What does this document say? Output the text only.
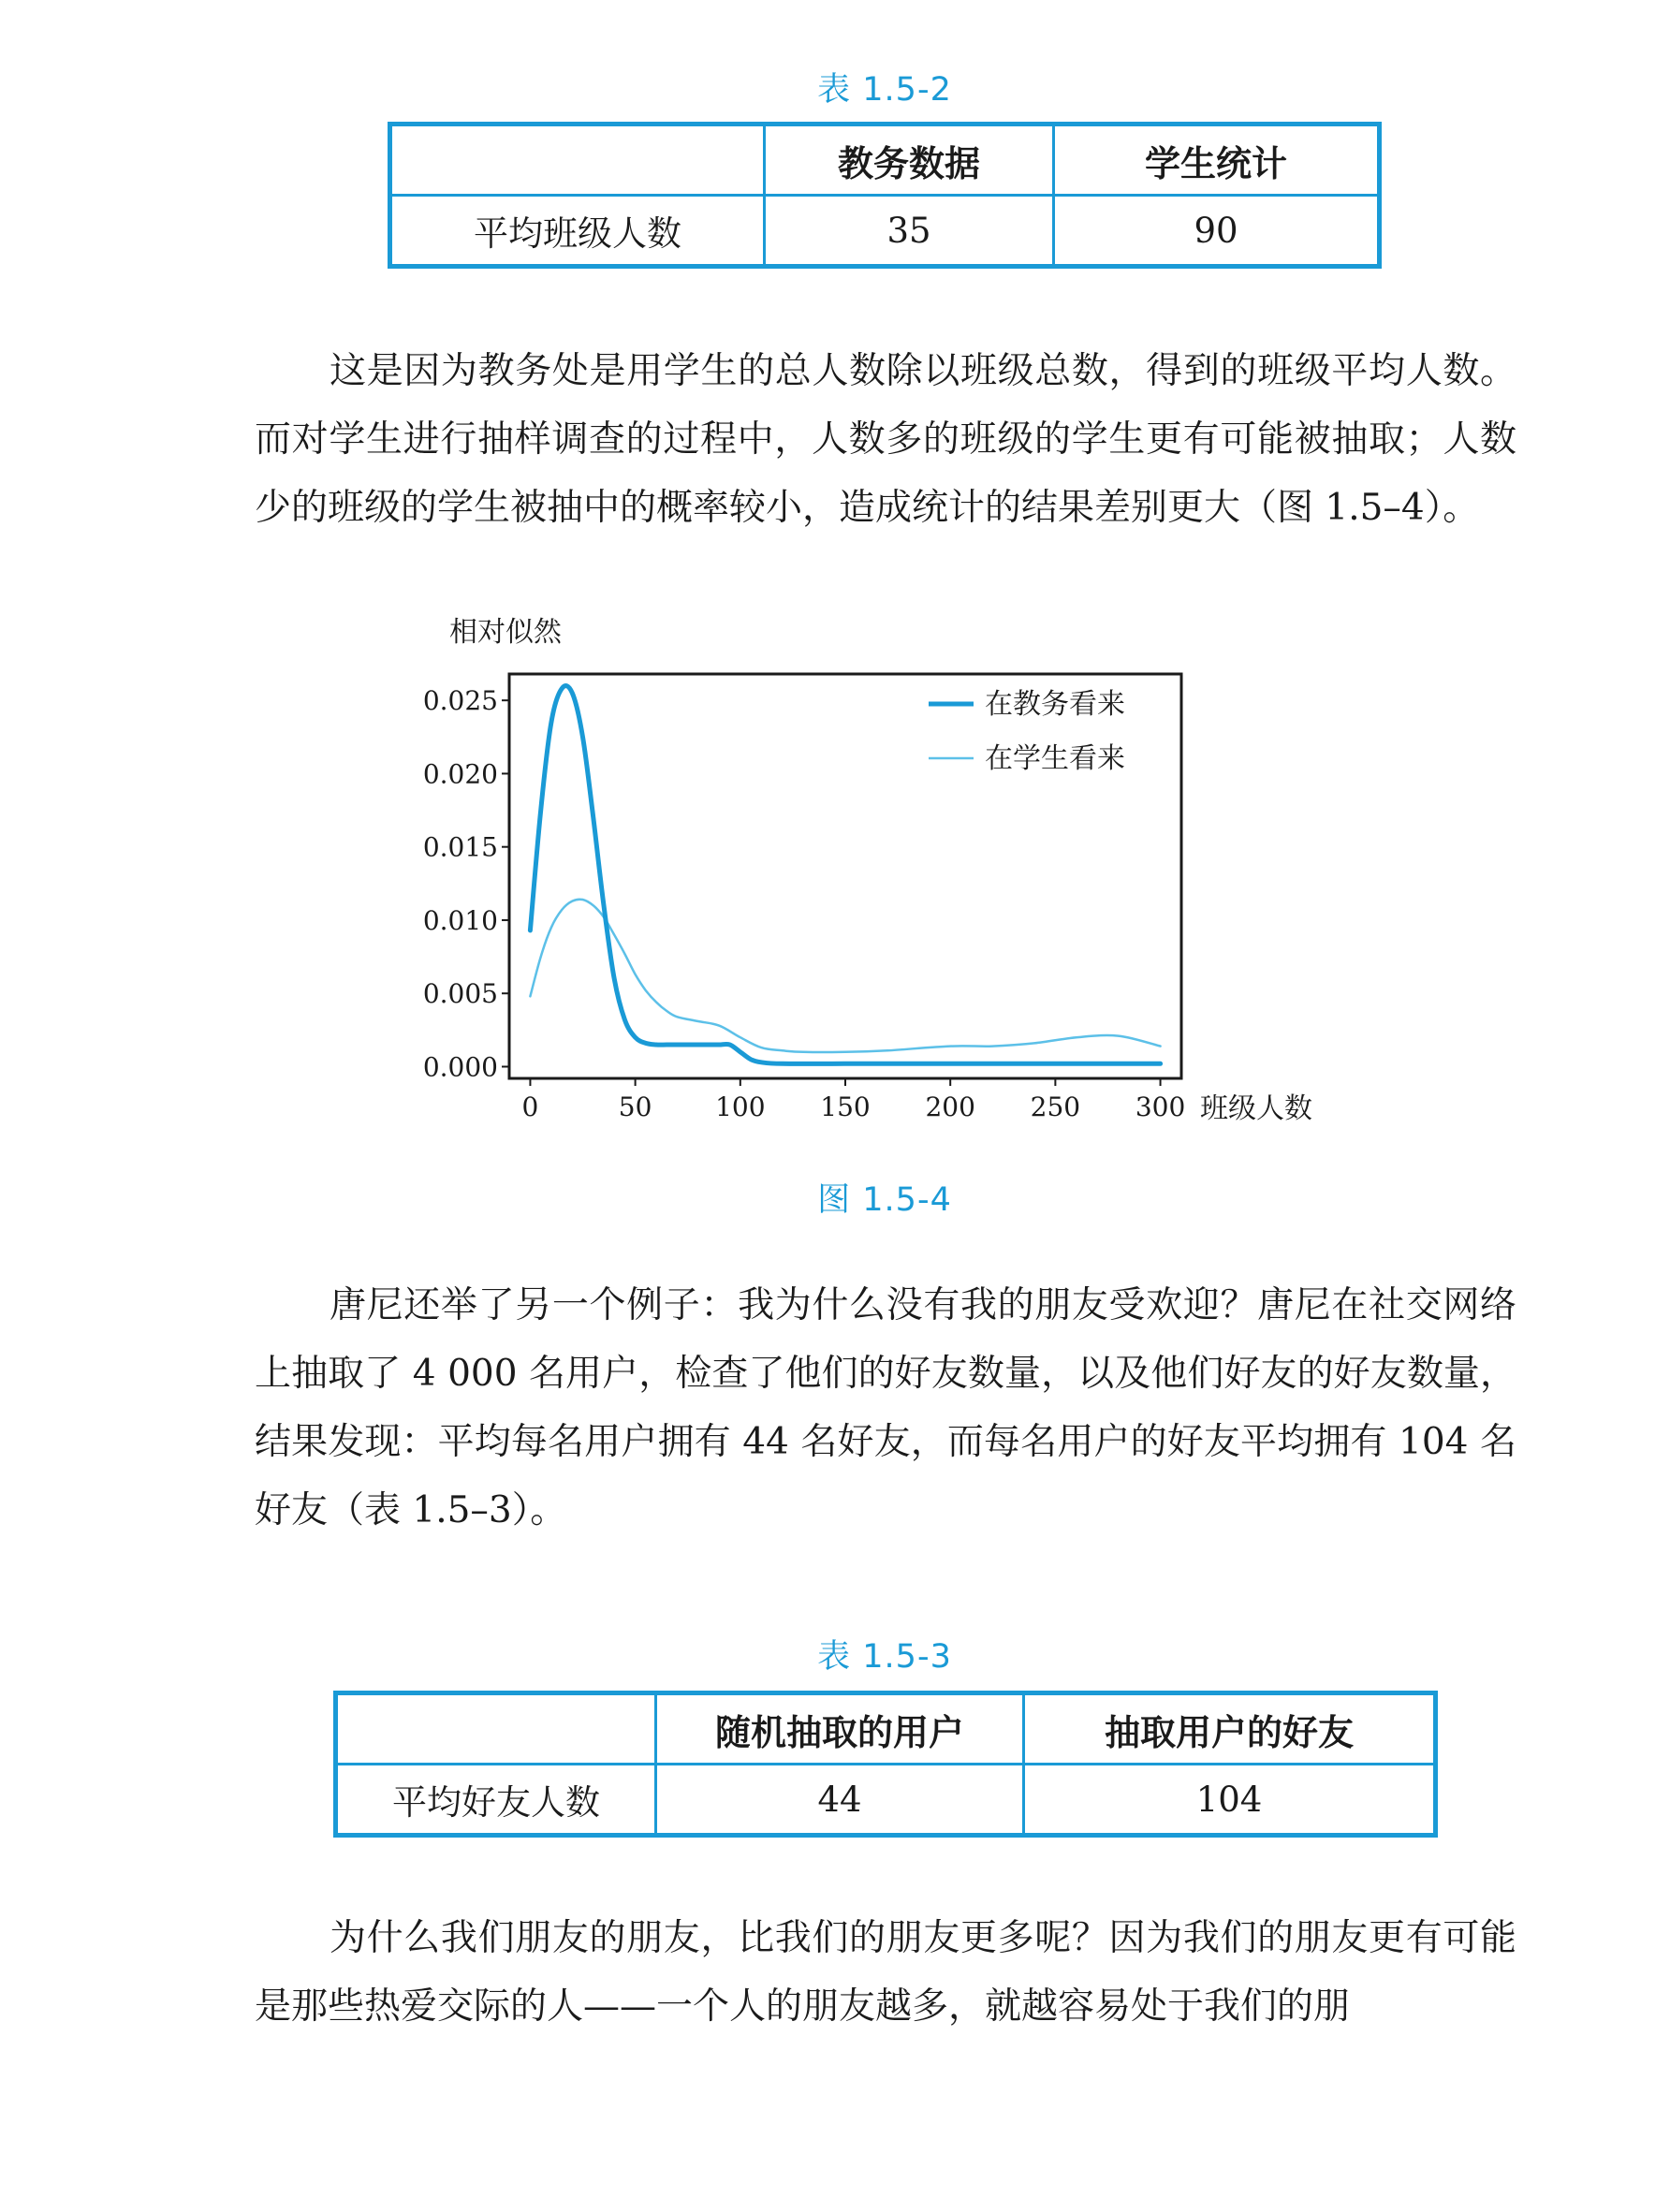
表 1.5-2
	教务数据	学生统计
平均班级人数	35	90

这是因为教务处是用学生的总人数除以班级总数，得到的班级平均人数。而对学生进行抽样调查的过程中，人数多的班级的学生更有可能被抽取；人数少的班级的学生被抽中的概率较小，造成统计的结果差别更大（图 1.5–4）。

相对似然
0.000
0.005
0.010
0.015
0.020
0.025
0	50 100 150 200 250 300 班级人数
在教务看来
在学生看来
图 1.5-4

唐尼还举了另一个例子：我为什么没有我的朋友受欢迎？唐尼在社交网络上抽取了 4 000 名用户，检查了他们的好友数量，以及他们好友的好友数量，结果发现：平均每名用户拥有 44 名好友，而每名用户的好友平均拥有 104 名好友（表 1.5–3）。

表 1.5-3
	随机抽取的用户	抽取用户的好友
平均好友人数	44	104

为什么我们朋友的朋友，比我们的朋友更多呢？因为我们的朋友更有可能是那些热爱交际的人——一个人的朋友越多，就越容易处于我们的朋
